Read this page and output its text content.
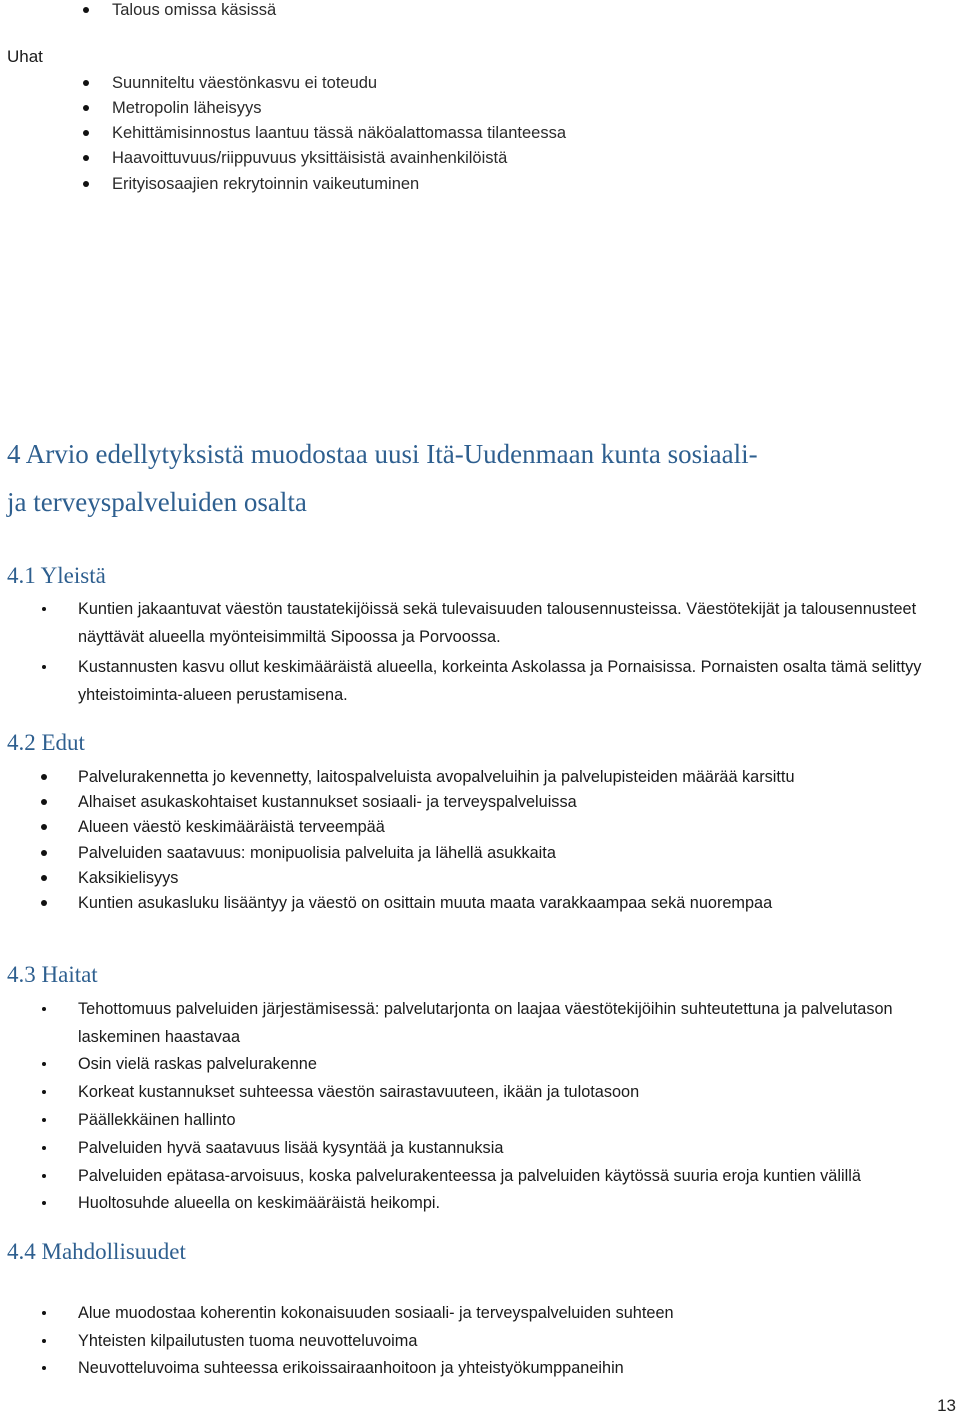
Talous omissa käsissä
Uhat
Suunniteltu väestönkasvu ei toteudu
Metropolin läheisyys
Kehittämisinnostus laantuu tässä näköalattomassa tilanteessa
Haavoittuvuus/riippuvuus yksittäisistä avainhenkilöistä
Erityisosaajien rekrytoinnin vaikeutuminen
4 Arvio edellytyksistä muodostaa uusi Itä-Uudenmaan kunta sosiaali-
ja terveyspalveluiden osalta
4.1 Yleistä
Kuntien jakaantuvat väestön taustatekijöissä sekä tulevaisuuden talousennusteissa. Väestötekijät ja talousennusteet näyttävät alueella myönteisimmiltä Sipoossa ja Porvoossa.
Kustannusten kasvu ollut keskimääräistä alueella, korkeinta Askolassa ja Pornaisissa. Pornaisten osalta tämä selittyy yhteistoiminta-alueen perustamisena.
4.2 Edut
Palvelurakennetta jo kevennetty, laitospalveluista avopalveluihin ja palvelupisteiden määrää karsittu
Alhaiset asukaskohtaiset kustannukset sosiaali- ja terveyspalveluissa
Alueen väestö keskimääräistä terveempää
Palveluiden saatavuus: monipuolisia palveluita ja lähellä asukkaita
Kaksikielisyys
Kuntien asukasluku lisääntyy ja väestö on osittain muuta maata varakkaampaa sekä nuorempaa
4.3 Haitat
Tehottomuus palveluiden järjestämisessä: palvelutarjonta on laajaa väestötekijöihin suhteutettuna ja palvelutason laskeminen haastavaa
Osin vielä raskas palvelurakenne
Korkeat kustannukset suhteessa väestön sairastavuuteen, ikään ja tulotasoon
Päällekkäinen hallinto
Palveluiden hyvä saatavuus lisää kysyntää ja kustannuksia
Palveluiden epätasa-arvoisuus, koska palvelurakenteessa ja palveluiden käytössä suuria eroja kuntien välillä
Huoltosuhde alueella on keskimääräistä heikompi.
4.4 Mahdollisuudet
Alue muodostaa koherentin kokonaisuuden sosiaali- ja terveyspalveluiden suhteen
Yhteisten kilpailutusten tuoma neuvotteluvoima
Neuvotteluvoima suhteessa erikoissairaanhoitoon ja yhteistyökumppaneihin
13
